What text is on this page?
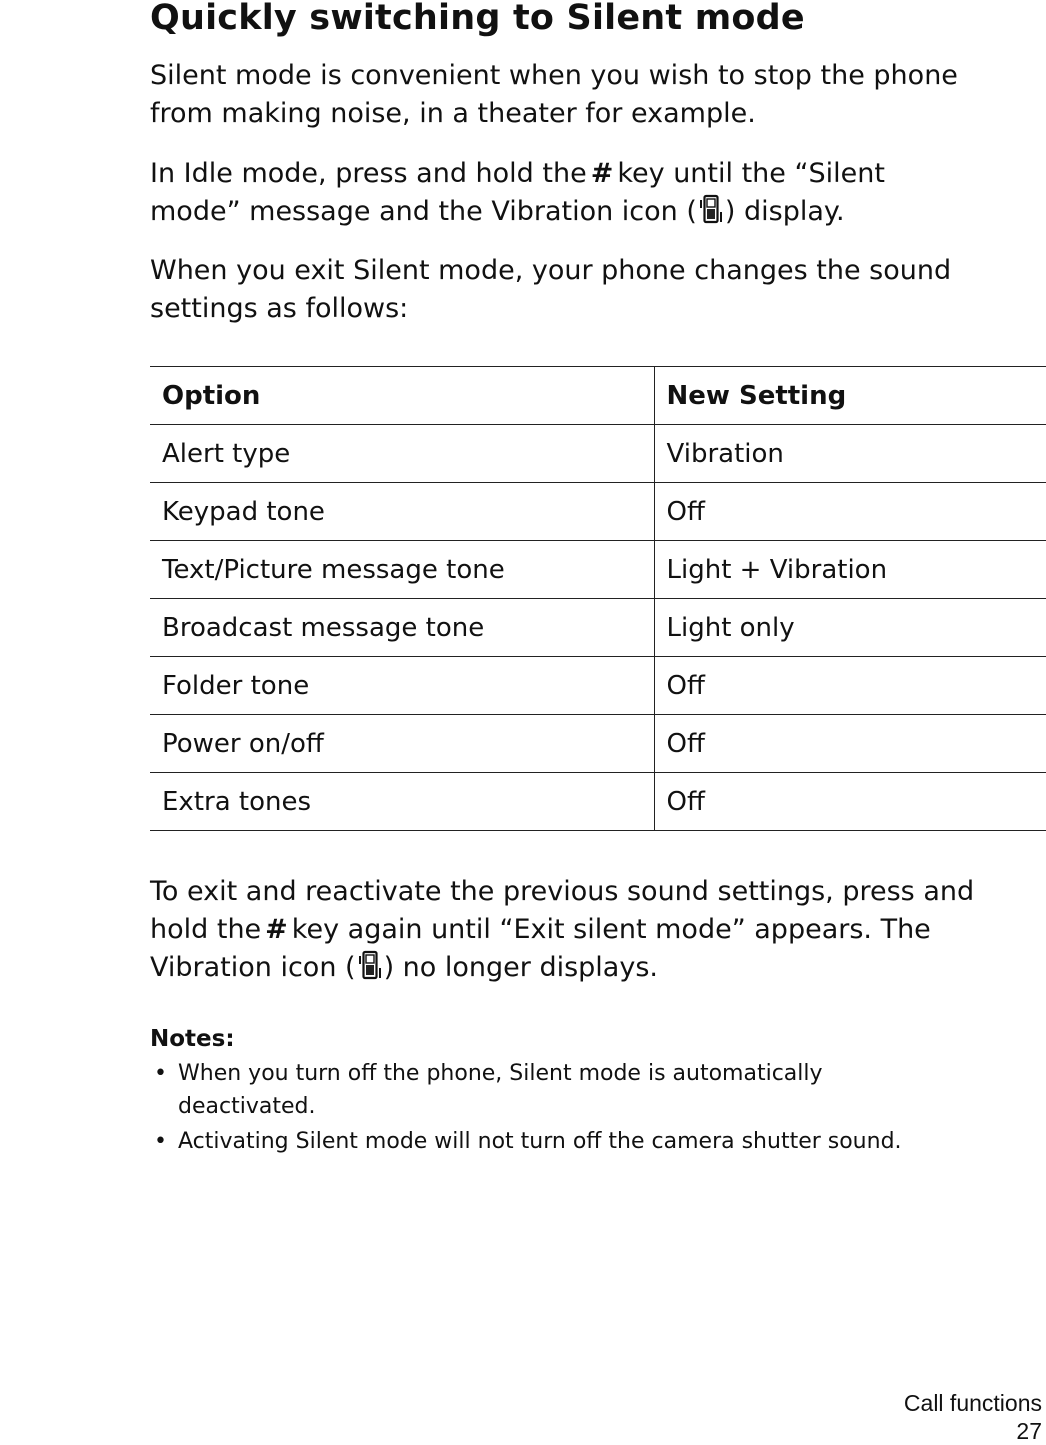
Quickly switching to Silent mode

Silent mode is convenient when you wish to stop the phone
from making noise, in a theater for example.

In Idle mode, press and hold the # key until the “Silent
mode” message and the Vibration icon ( ) display.

When you exit Silent mode, your phone changes the sound
settings as follows:

Option	New Setting
Alert type	Vibration
Keypad tone	Off
Text/Picture message tone	Light + Vibration
Broadcast message tone	Light only
Folder tone	Off
Power on/off	Off
Extra tones	Off

To exit and reactivate the previous sound settings, press and
hold the # key again until “Exit silent mode” appears. The
Vibration icon ( ) no longer displays.

Notes:
• When you turn off the phone, Silent mode is automatically
deactivated.
• Activating Silent mode will not turn off the camera shutter sound.

Call functions

27
